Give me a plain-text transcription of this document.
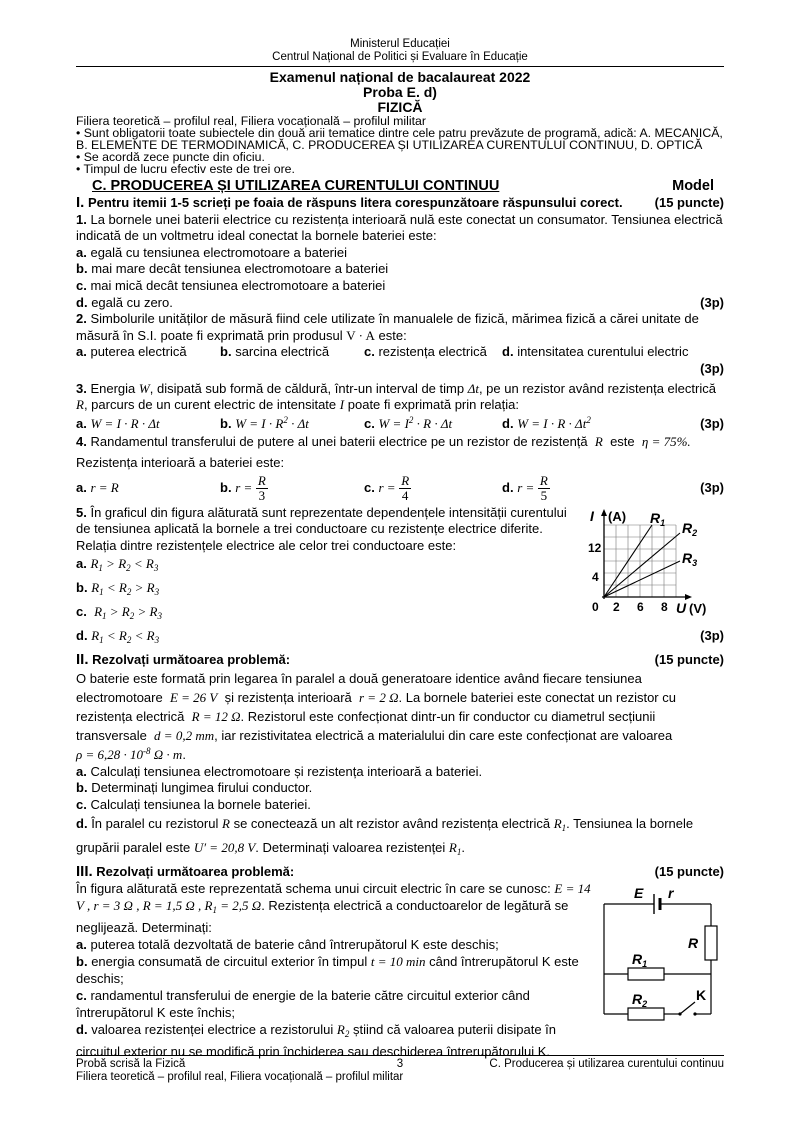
Ministerul Educației
Centrul Național de Politici și Evaluare în Educație
Examenul național de bacalaureat 2022
Proba E. d)
FIZICĂ
Filiera teoretică – profilul real, Filiera vocațională – profilul militar
• Sunt obligatorii toate subiectele din două arii tematice dintre cele patru prevăzute de programă, adică: A. MECANICĂ, B. ELEMENTE DE TERMODINAMICĂ, C. PRODUCEREA ȘI UTILIZAREA CURENTULUI CONTINUU, D. OPTICĂ
• Se acordă zece puncte din oficiu.
• Timpul de lucru efectiv este de trei ore.
C. PRODUCEREA ȘI UTILIZAREA CURENTULUI CONTINUU	Model
I. Pentru itemii 1-5 scrieți pe foaia de răspuns litera corespunzătoare răspunsului corect. (15 puncte)
1. La bornele unei baterii electrice cu rezistența interioară nulă este conectat un consumator. Tensiunea electrică indicată de un voltmetru ideal conectat la bornele bateriei este:
a. egală cu tensiunea electromotoare a bateriei
b. mai mare decât tensiunea electromotoare a bateriei
c. mai mică decât tensiunea electromotoare a bateriei
d. egală cu zero.	(3p)
2. Simbolurile unităților de măsură fiind cele utilizate în manualele de fizică, mărimea fizică a cărei unitate de măsură în S.I. poate fi exprimată prin produsul V · A este:
a. puterea electrică	b. sarcina electrică	c. rezistența electrică	d. intensitatea curentului electric
(3p)
3. Energia W, disipată sub formă de căldură, într-un interval de timp Δt, pe un rezistor având rezistența electrică R, parcurs de un curent electric de intensitate I poate fi exprimată prin relația:
a. W = I · R · Δt	b. $W = I \cdot R^2 \cdot \Delta t$	c. $W = I^2 \cdot R \cdot \Delta t$	d. $W = I \cdot R \cdot \Delta t^2$	(3p)
4. Randamentul transferului de putere al unei baterii electrice pe un rezistor de rezistență R este η = 75%.
Rezistența interioară a bateriei este:
a. r = R	b. $r = \frac{R}{3}$	c. $r = \frac{R}{4}$	d. $r = \frac{R}{5}$	(3p)
5. În graficul din figura alăturată sunt reprezentate dependențele intensității curentului de tensiunea aplicată la bornele a trei conductoare cu rezistențe electrice diferite. Relația dintre rezistențele electrice ale celor trei conductoare este:
a. $R_1 > R_2 < R_3$
b. $R_1 < R_2 > R_3$
c. $R_1 > R_2 > R_3$
d. $R_1 < R_2 < R_3$	(3p)
I (A)
12
4
0 2 6 8 U (V)
$R_1$ $R_2$
$R_3$
II. Rezolvați următoarea problemă:	(15 puncte)
O baterie este formată prin legarea în paralel a două generatoare identice având fiecare tensiunea electromotoare E = 26 V și rezistența interioară r = 2 Ω. La bornele bateriei este conectat un rezistor cu rezistența electrică R = 12 Ω. Rezistorul este confecționat dintr-un fir conductor cu diametrul secțiunii transversale d = 0,2 mm, iar rezistivitatea electrică a materialului din care este confecționat are valoarea
$\rho = 6,28 \cdot 10^{-8}$ Ω · m.
a. Calculați tensiunea electromotoare și rezistența interioară a bateriei.
b. Determinați lungimea firului conductor.
c. Calculați tensiunea la bornele bateriei.
d. În paralel cu rezistorul R se conectează un alt rezistor având rezistența electrică $R_1$. Tensiunea la bornele grupării paralel este U′ = 20,8 V. Determinați valoarea rezistenței $R_1$.
III. Rezolvați următoarea problemă:	(15 puncte)
În figura alăturată este reprezentată schema unui circuit electric în care se cunosc: E = 14 V , r = 3 Ω , R = 1,5 Ω , $R_1 = 2,5$ Ω. Rezistența electrică a conductoarelor de legătură se neglijează. Determinați:
a. puterea totală dezvoltată de baterie când întrerupătorul K este deschis;
b. energia consumată de circuitul exterior în timpul t = 10 min când întrerupătorul K este deschis;
c. randamentul transferului de energie de la baterie către circuitul exterior când întrerupătorul K este închis;
d. valoarea rezistenței electrice a rezistorului $R_2$ știind că valoarea puterii disipate în circuitul exterior nu se modifică prin închiderea sau deschiderea întrerupătorului K.
E r
R
$R_1$
$R_2$
K
Probă scrisă la Fizică	3	C. Producerea și utilizarea curentului continuu
Filiera teoretică – profilul real, Filiera vocațională – profilul militar
